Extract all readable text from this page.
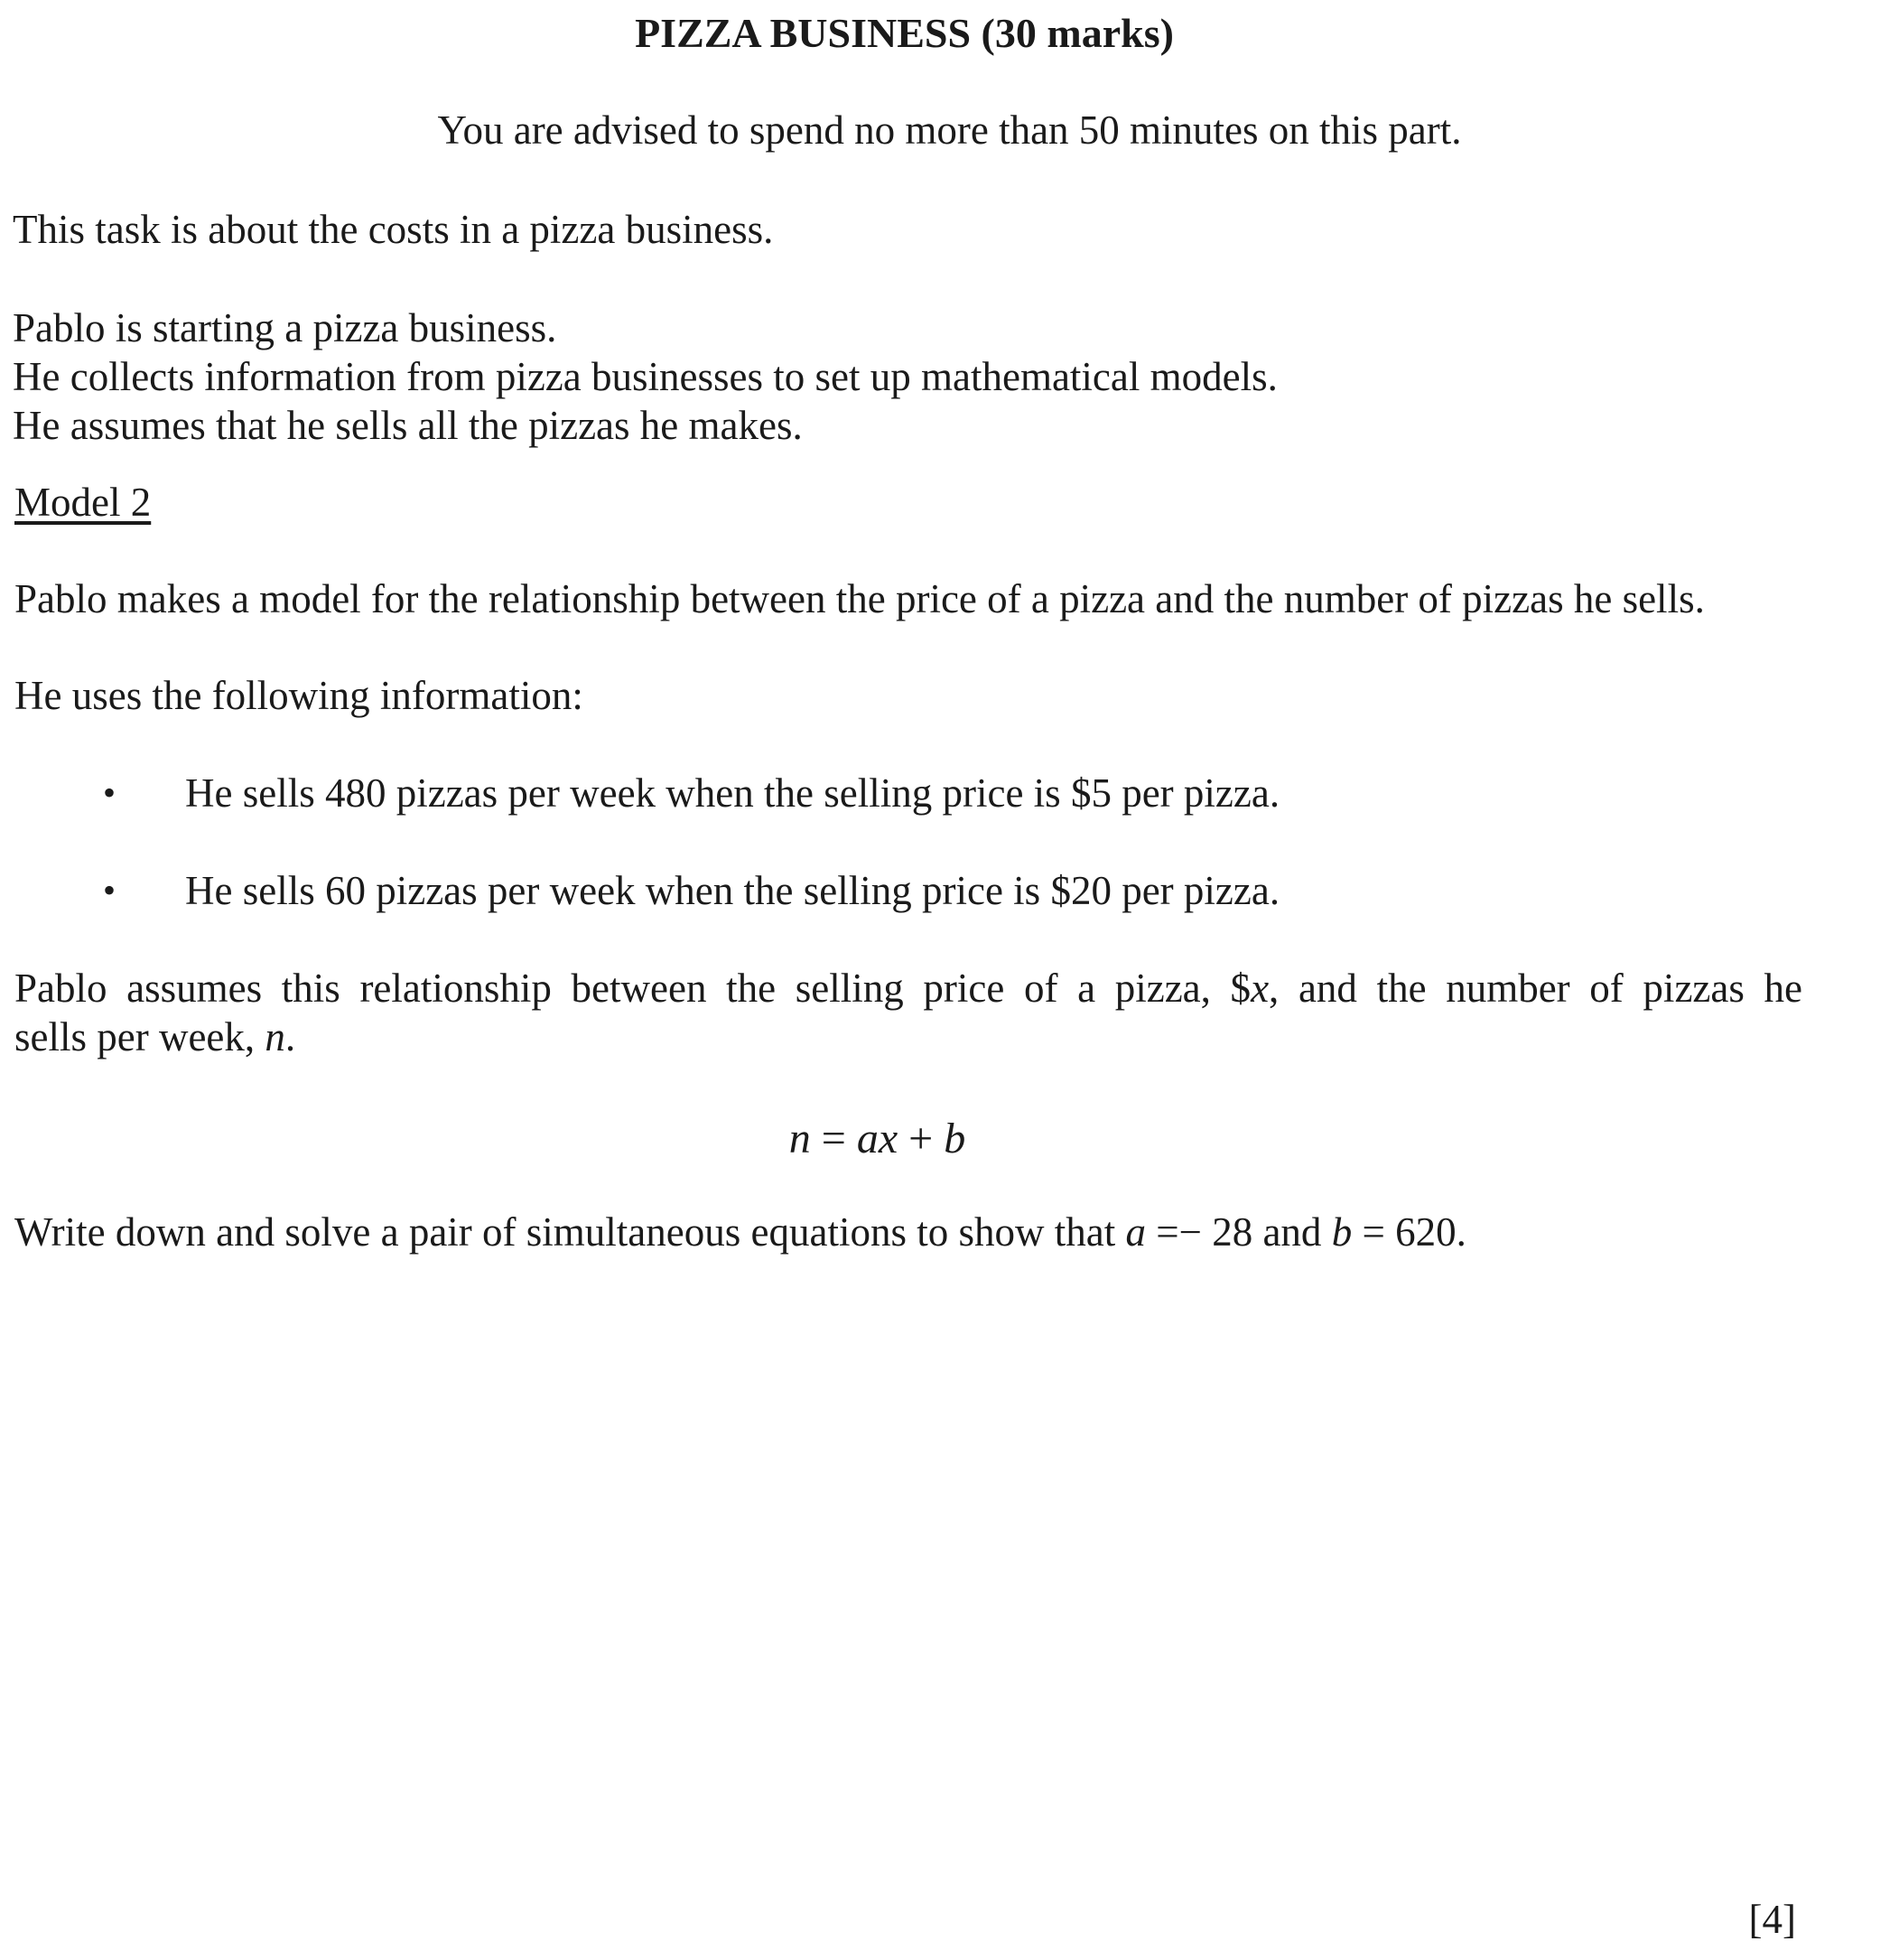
PIZZA BUSINESS (30 marks)
You are advised to spend no more than 50 minutes on this part.
This task is about the costs in a pizza business.
Pablo is starting a pizza business.
He collects information from pizza businesses to set up mathematical models.
He assumes that he sells all the pizzas he makes.
Model 2
Pablo makes a model for the relationship between the price of a pizza and the number of pizzas he sells.
He uses the following information:
• He sells 480 pizzas per week when the selling price is $5 per pizza.
• He sells 60 pizzas per week when the selling price is $20 per pizza.
Pablo assumes this relationship between the selling price of a pizza, $x, and the number of pizzas he
sells per week, n.
n = ax + b
Write down and solve a pair of simultaneous equations to show that a =− 28 and b = 620.
[4]
